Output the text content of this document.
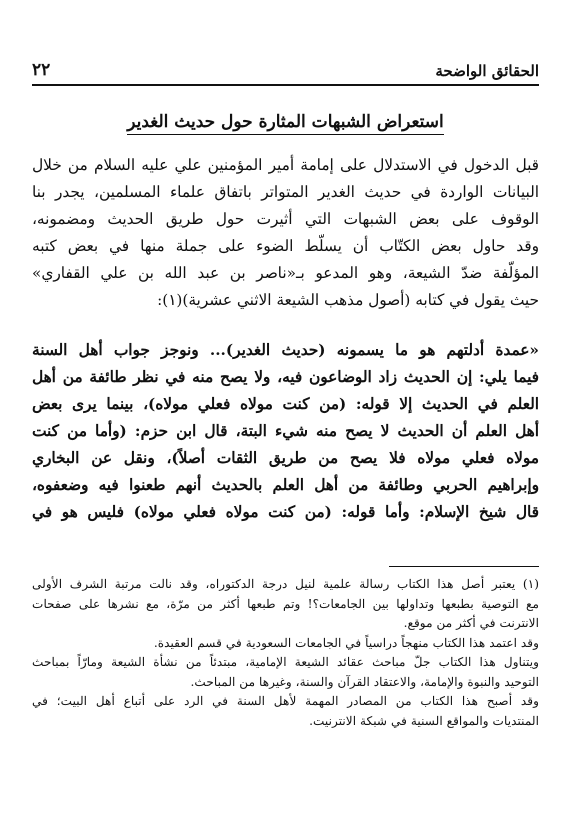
٢٢	الحقائق الواضحة
استعراض الشبهات المثارة حول حديث الغدير
قبل الدخول في الاستدلال على إمامة أمير المؤمنين علي عليه السلام من خلال
البيانات الواردة في حديث الغدير المتواتر باتفاق علماء المسلمين، يجدر بنا
الوقوف على بعض الشبهات التي أثيرت حول طريق الحديث ومضمونه،
وقد حاول بعض الكتّاب أن يسلّط الضوء على جملة منها في بعض كتبه
المؤلّفة ضدّ الشيعة، وهو المدعو بـ«ناصر بن عبد الله بن علي القفاري»
حيث يقول في كتابه (أصول مذهب الشيعة الاثني عشرية)(١):
«عمدة أدلتهم هو ما يسمونه (حديث الغدير)... ونوجز جواب أهل السنة
فيما يلي: إن الحديث زاد الوضاعون فيه، ولا يصح منه في نظر طائفة من أهل
العلم في الحديث إلا قوله: (من كنت مولاه فعلي مولاه)، بينما يرى بعض
أهل العلم أن الحديث لا يصح منه شيء البتة، قال ابن حزم: (وأما من كنت
مولاه فعلي مولاه فلا يصح من طريق الثقات أصلاً)، ونقل عن البخاري
وإبراهيم الحربي وطائفة من أهل العلم بالحديث أنهم طعنوا فيه وضعفوه،
قال شيخ الإسلام: وأما قوله: (من كنت مولاه فعلي مولاه) فليس هو في
(١) يعتبر أصل هذا الكتاب رسالة علمية لنيل درجة الدكتوراه، وقد نالت مرتبة الشرف الأولى
مع التوصية بطبعها وتداولها بين الجامعات؟! وتم طبعها أكثر من مرّة، مع نشرها على صفحات
الانترنت في أكثر من موقع.
وقد اعتمد هذا الكتاب منهجاً دراسياً في الجامعات السعودية في قسم العقيدة.
ويتناول هذا الكتاب جلّ مباحث عقائد الشيعة الإمامية، مبتدئاً من نشأة الشيعة ومارّاً بمباحث
التوحيد والنبوة والإمامة، والاعتقاد القرآن والسنة، وغيرها من المباحث.
وقد أصبح هذا الكتاب من المصادر المهمة لأهل السنة في الرد على أتباع أهل البيت؛ في
المنتديات والمواقع السنية في شبكة الانترنيت.
